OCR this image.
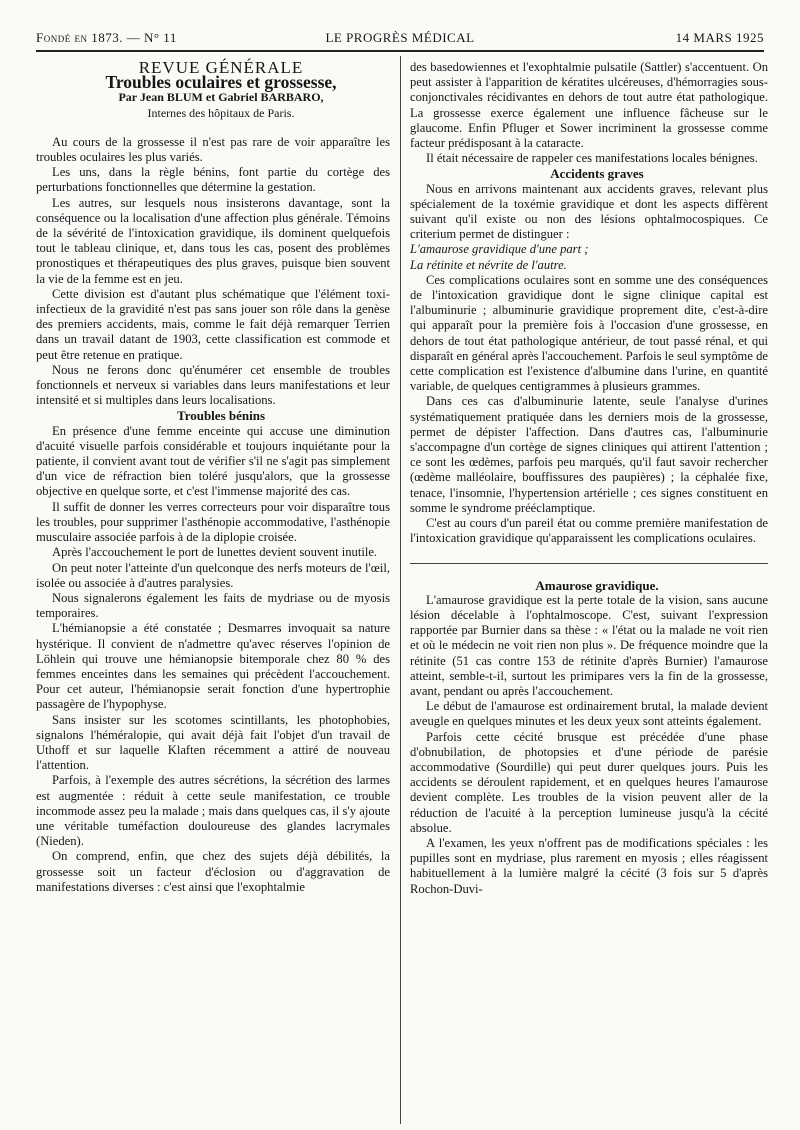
Fondé en 1873. — N° 11	LE PROGRÈS MÉDICAL	14 MARS 1925

REVUE GÉNÉRALE

Troubles oculaires et grossesse,

Par Jean BLUM et Gabriel BARBARO,

Internes des hôpitaux de Paris.

Au cours de la grossesse il n'est pas rare de voir apparaître les troubles oculaires les plus variés.

Les uns, dans la règle bénins, font partie du cortège des perturbations fonctionnelles que détermine la gestation.

Les autres, sur lesquels nous insisterons davantage, sont la conséquence ou la localisation d'une affection plus générale. Témoins de la sévérité de l'intoxication gravidique, ils dominent quelquefois tout le tableau clinique, et, dans tous les cas, posent des problèmes pronostiques et thérapeutiques des plus graves, puisque bien souvent la vie de la femme est en jeu.

Cette division est d'autant plus schématique que l'élément toxi-infectieux de la gravidité n'est pas sans jouer son rôle dans la genèse des premiers accidents, mais, comme le fait déjà remarquer Terrien dans un travail datant de 1903, cette classification est commode et peut être retenue en pratique.

Nous ne ferons donc qu'énumérer cet ensemble de troubles fonctionnels et nerveux si variables dans leurs manifestations et leur intensité et si multiples dans leurs localisations.

Troubles bénins

En présence d'une femme enceinte qui accuse une diminution d'acuité visuelle parfois considérable et toujours inquiétante pour la patiente, il convient avant tout de vérifier s'il ne s'agit pas simplement d'un vice de réfraction bien toléré jusqu'alors, que la grossesse objective en quelque sorte, et c'est l'immense majorité des cas.

Il suffit de donner les verres correcteurs pour voir disparaître tous les troubles, pour supprimer l'asthénopie accommodative, l'asthénopie musculaire associée parfois à de la diplopie croisée.

Après l'accouchement le port de lunettes devient souvent inutile.

On peut noter l'atteinte d'un quelconque des nerfs moteurs de l'œil, isolée ou associée à d'autres paralysies.

Nous signalerons également les faits de mydriase ou de myosis temporaires.

L'hémianopsie a été constatée ; Desmarres invoquait sa nature hystérique. Il convient de n'admettre qu'avec réserves l'opinion de Löhlein qui trouve une hémianopsie bitemporale chez 80 % des femmes enceintes dans les semaines qui précèdent l'accouchement. Pour cet auteur, l'hémianopsie serait fonction d'une hypertrophie passagère de l'hypophyse.

Sans insister sur les scotomes scintillants, les photophobies, signalons l'héméralopie, qui avait déjà fait l'objet d'un travail de Uthoff et sur laquelle Klaften récemment a attiré de nouveau l'attention.

Parfois, à l'exemple des autres sécrétions, la sécrétion des larmes est augmentée : réduit à cette seule manifestation, ce trouble incommode assez peu la malade ; mais dans quelques cas, il s'y ajoute une véritable tuméfaction douloureuse des glandes lacrymales (Nieden).

On comprend, enfin, que chez des sujets déjà débilités, la grossesse soit un facteur d'éclosion ou d'aggravation de manifestations diverses : c'est ainsi que l'exophtalmie

des basedowiennes et l'exophtalmie pulsatile (Sattler) s'accentuent. On peut assister à l'apparition de kératites ulcéreuses, d'hémorragies sous-conjonctivales récidivantes en dehors de tout autre état pathologique. La grossesse exerce également une influence fâcheuse sur le glaucome. Enfin Pfluger et Sower incriminent la grossesse comme facteur prédisposant à la cataracte.

Il était nécessaire de rappeler ces manifestations locales bénignes.

Accidents graves

Nous en arrivons maintenant aux accidents graves, relevant plus spécialement de la toxémie gravidique et dont les aspects diffèrent suivant qu'il existe ou non des lésions ophtalmocospiques. Ce criterium permet de distinguer :

L'amaurose gravidique d'une part ;

La rétinite et névrite de l'autre.

Ces complications oculaires sont en somme une des conséquences de l'intoxication gravidique dont le signe clinique capital est l'albuminurie ; albuminurie gravidique proprement dite, c'est-à-dire qui apparaît pour la première fois à l'occasion d'une grossesse, en dehors de tout état pathologique antérieur, de tout passé rénal, et qui disparaît en général après l'accouchement. Parfois le seul symptôme de cette complication est l'existence d'albumine dans l'urine, en quantité variable, de quelques centigrammes à plusieurs grammes.

Dans ces cas d'albuminurie latente, seule l'analyse d'urines systématiquement pratiquée dans les derniers mois de la grossesse, permet de dépister l'affection. Dans d'autres cas, l'albuminurie s'accompagne d'un cortège de signes cliniques qui attirent l'attention ; ce sont les œdèmes, parfois peu marqués, qu'il faut savoir rechercher (œdème malléolaire, bouffissures des paupières) ; la céphalée fixe, tenace, l'insomnie, l'hypertension artérielle ; ces signes constituent en somme le syndrome prééclamptique.

C'est au cours d'un pareil état ou comme première manifestation de l'intoxication gravidique qu'apparaissent les complications oculaires.

Amaurose gravidique.

L'amaurose gravidique est la perte totale de la vision, sans aucune lésion décelable à l'ophtalmoscope. C'est, suivant l'expression rapportée par Burnier dans sa thèse : « l'état ou la malade ne voit rien et où le médecin ne voit rien non plus ». De fréquence moindre que la rétinite (51 cas contre 153 de rétinite d'après Burnier) l'amaurose atteint, semble-t-il, surtout les primipares vers la fin de la grossesse, avant, pendant ou après l'accouchement.

Le début de l'amaurose est ordinairement brutal, la malade devient aveugle en quelques minutes et les deux yeux sont atteints également.

Parfois cette cécité brusque est précédée d'une phase d'obnubilation, de photopsies et d'une période de parésie accommodative (Sourdille) qui peut durer quelques jours. Puis les accidents se déroulent rapidement, et en quelques heures l'amaurose devient complète. Les troubles de la vision peuvent aller de la réduction de l'acuité à la perception lumineuse jusqu'à la cécité absolue.

A l'examen, les yeux n'offrent pas de modifications spéciales : les pupilles sont en mydriase, plus rarement en myosis ; elles réagissent habituellement à la lumière malgré la cécité (3 fois sur 5 d'après Rochon-Duvi-
